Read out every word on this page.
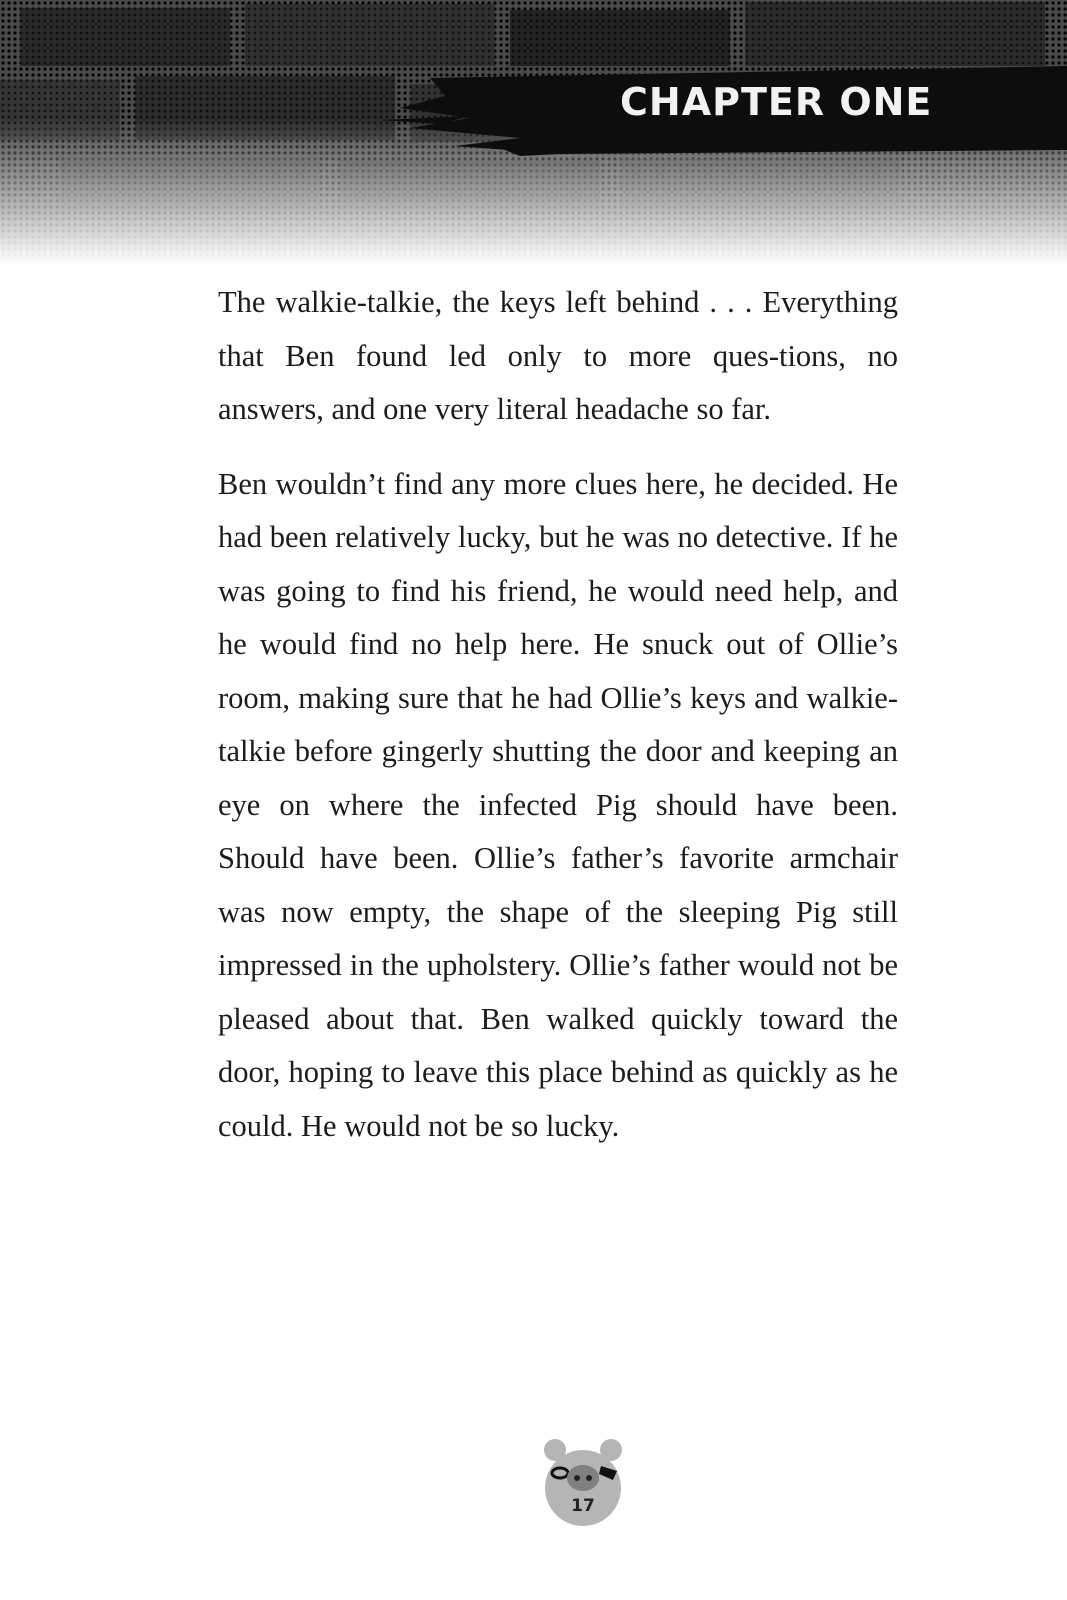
CHAPTER ONE

The walkie-talkie, the keys left behind . . . Everything that Ben found led only to more ques-tions, no answers, and one very literal headache so far.

Ben wouldn’t find any more clues here, he decided. He had been relatively lucky, but he was no detective. If he was going to find his friend, he would need help, and he would find no help here. He snuck out of Ollie’s room, making sure that he had Ollie’s keys and walkie-talkie before gingerly shutting the door and keeping an eye on where the infected Pig should have been. Should have been. Ollie’s father’s favorite armchair was now empty, the shape of the sleeping Pig still impressed in the upholstery. Ollie’s father would not be pleased about that. Ben walked quickly toward the door, hoping to leave this place behind as quickly as he could. He would not be so lucky.

17
